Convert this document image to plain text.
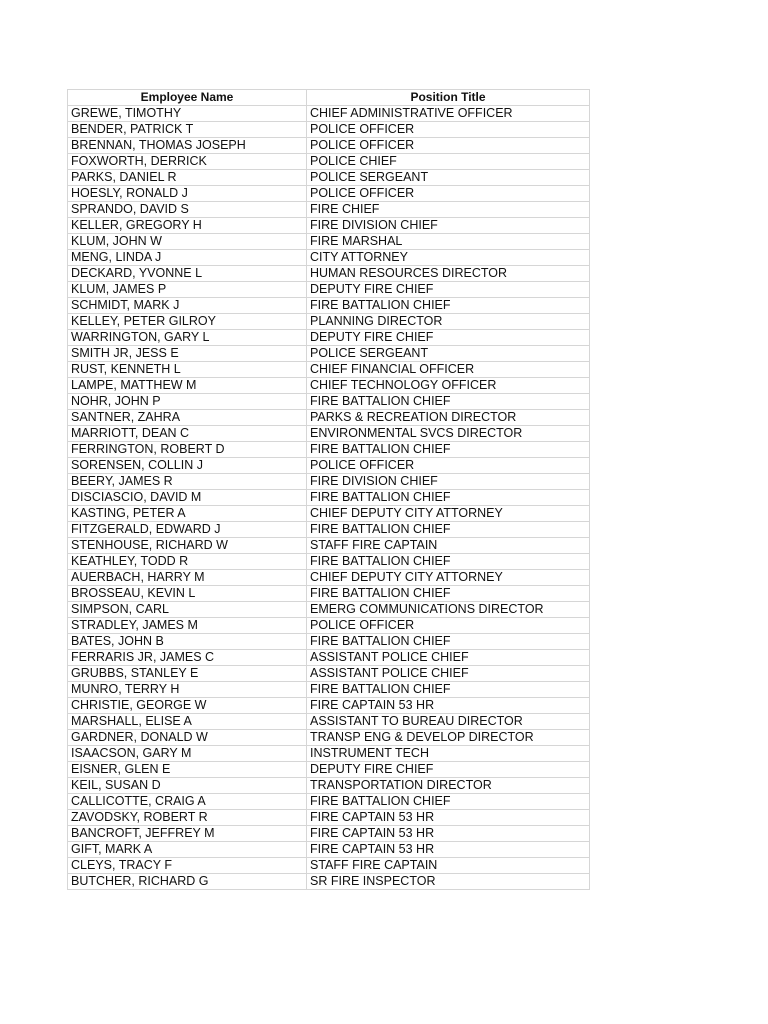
Employee Name	Position Title
GREWE, TIMOTHY	CHIEF ADMINISTRATIVE OFFICER
BENDER, PATRICK T	POLICE OFFICER
BRENNAN, THOMAS JOSEPH	POLICE OFFICER
FOXWORTH, DERRICK	POLICE CHIEF
PARKS, DANIEL R	POLICE SERGEANT
HOESLY, RONALD J	POLICE OFFICER
SPRANDO, DAVID S	FIRE CHIEF
KELLER, GREGORY H	FIRE DIVISION CHIEF
KLUM, JOHN W	FIRE MARSHAL
MENG, LINDA J	CITY ATTORNEY
DECKARD, YVONNE L	HUMAN RESOURCES DIRECTOR
KLUM, JAMES P	DEPUTY FIRE CHIEF
SCHMIDT, MARK J	FIRE BATTALION CHIEF
KELLEY, PETER GILROY	PLANNING DIRECTOR
WARRINGTON, GARY L	DEPUTY FIRE CHIEF
SMITH JR, JESS E	POLICE SERGEANT
RUST, KENNETH L	CHIEF FINANCIAL OFFICER
LAMPE, MATTHEW M	CHIEF TECHNOLOGY OFFICER
NOHR, JOHN P	FIRE BATTALION CHIEF
SANTNER, ZAHRA	PARKS & RECREATION DIRECTOR
MARRIOTT, DEAN C	ENVIRONMENTAL SVCS DIRECTOR
FERRINGTON, ROBERT D	FIRE BATTALION CHIEF
SORENSEN, COLLIN J	POLICE OFFICER
BEERY, JAMES R	FIRE DIVISION CHIEF
DISCIASCIO, DAVID M	FIRE BATTALION CHIEF
KASTING, PETER A	CHIEF DEPUTY CITY ATTORNEY
FITZGERALD, EDWARD J	FIRE BATTALION CHIEF
STENHOUSE, RICHARD W	STAFF FIRE CAPTAIN
KEATHLEY, TODD R	FIRE BATTALION CHIEF
AUERBACH, HARRY M	CHIEF DEPUTY CITY ATTORNEY
BROSSEAU, KEVIN L	FIRE BATTALION CHIEF
SIMPSON, CARL	EMERG COMMUNICATIONS DIRECTOR
STRADLEY, JAMES M	POLICE OFFICER
BATES, JOHN B	FIRE BATTALION CHIEF
FERRARIS JR, JAMES C	ASSISTANT POLICE CHIEF
GRUBBS, STANLEY E	ASSISTANT POLICE CHIEF
MUNRO, TERRY H	FIRE BATTALION CHIEF
CHRISTIE, GEORGE W	FIRE CAPTAIN 53 HR
MARSHALL, ELISE A	ASSISTANT TO BUREAU DIRECTOR
GARDNER, DONALD W	TRANSP ENG & DEVELOP DIRECTOR
ISAACSON, GARY M	INSTRUMENT TECH
EISNER, GLEN E	DEPUTY FIRE CHIEF
KEIL, SUSAN D	TRANSPORTATION DIRECTOR
CALLICOTTE, CRAIG A	FIRE BATTALION CHIEF
ZAVODSKY, ROBERT R	FIRE CAPTAIN 53 HR
BANCROFT, JEFFREY M	FIRE CAPTAIN 53 HR
GIFT, MARK A	FIRE CAPTAIN 53 HR
CLEYS, TRACY F	STAFF FIRE CAPTAIN
BUTCHER, RICHARD G	SR FIRE INSPECTOR
